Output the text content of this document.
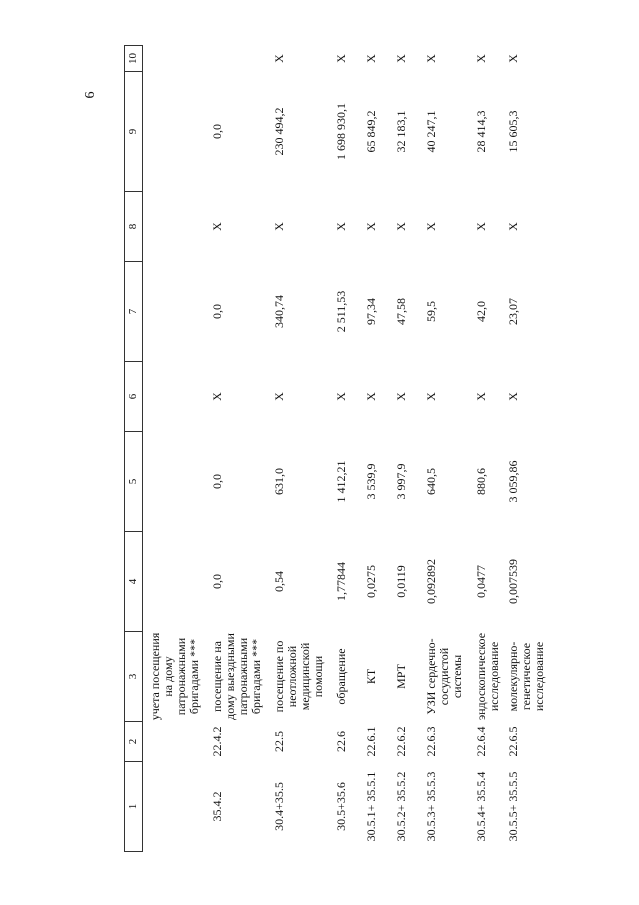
6
1	2	3	4	5	6	7	8	9	10
		учета посещения на дому патронажными бригадами ***							
35.4.2	22.4.2	посещение на дому выездными патронажными бригадами ***	0,0	0,0	X	0,0	X	0,0	
30.4+35.5	22.5	посещение по неотложной медицинской помощи	0,54	631,0	X	340,74	X	230 494,2	X
30.5+35.6	22.6	обращение	1,77844	1 412,21	X	2 511,53	X	1 698 930,1	X
30.5.1+ 35.5.1	22.6.1	КТ	0,0275	3 539,9	X	97,34	X	65 849,2	X
30.5.2+ 35.5.2	22.6.2	МРТ	0,0119	3 997,9	X	47,58	X	32 183,1	X
30.5.3+ 35.5.3	22.6.3	УЗИ сердечно-сосудистой системы	0,092892	640,5	X	59,5	X	40 247,1	X
30.5.4+ 35.5.4	22.6.4	эндоскопическое исследование	0,0477	880,6	X	42,0	X	28 414,3	X
30.5.5+ 35.5.5	22.6.5	молекулярно-генетическое исследование	0,007539	3 059,86	X	23,07	X	15 605,3	X
